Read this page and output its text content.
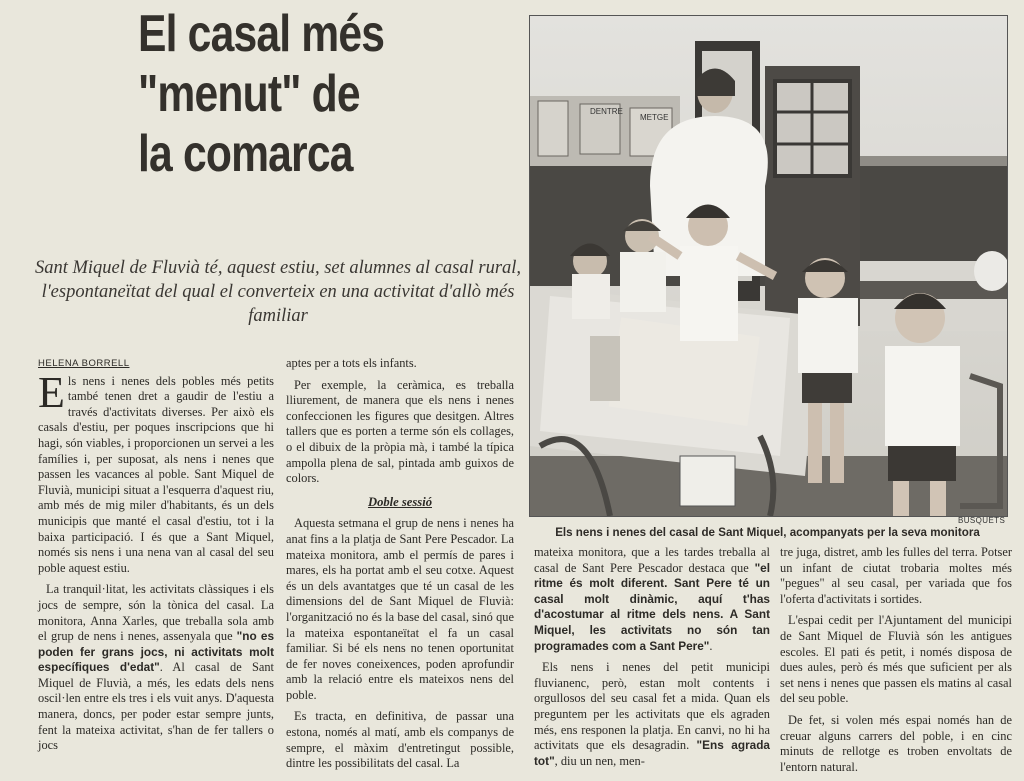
El casal més
"menut" de
la comarca
Sant Miquel de Fluvià té, aquest estiu, set alumnes al casal rural, l'espontaneïtat del qual el converteix en una activitat d'allò més familiar
HELENA BORRELL

Els nens i nenes dels pobles més petits també tenen dret a gaudir de l'estiu a través d'activitats diverses. Per això els casals d'estiu, per poques inscripcions que hi hagi, són viables, i proporcionen un servei a les famílies i, per suposat, als nens i nenes que passen les vacances al poble. Sant Miquel de Fluvià, municipi situat a l'esquerra d'aquest riu, amb més de mig miler d'habitants, és un dels municipis que manté el casal d'estiu, tot i la baixa participació. I és que a Sant Miquel, només sis nens i una nena van al casal del seu poble aquest estiu.

La tranquil·litat, les activitats clàssiques i els jocs de sempre, són la tònica del casal. La monitora, Anna Xarles, que treballa sola amb el grup de nens i nenes, assenyala que "no es poden fer grans jocs, ni activitats molt específiques d'edat". Al casal de Sant Miquel de Fluvià, a més, les edats dels nens oscil·len entre els tres i els vuit anys. D'aquesta manera, doncs, per poder estar sempre junts, fent la mateixa activitat, s'han de fer tallers o jocs

aptes per a tots els infants.

Per exemple, la ceràmica, es treballa lliurement, de manera que els nens i nenes confeccionen les figures que desitgen. Altres tallers que es porten a terme són els collages, o el dibuix de la pròpia mà, i també la típica ampolla plena de sal, pintada amb guixos de colors.

Doble sessió

Aquesta setmana el grup de nens i nenes ha anat fins a la platja de Sant Pere Pescador. La mateixa monitora, amb el permís de pares i mares, els ha portat amb el seu cotxe. Aquest és un dels avantatges que té un casal de les dimensions del de Sant Miquel de Fluvià: l'organització no és la base del casal, sinó que la mateixa espontaneïtat el fa un casal familiar. Si bé els nens no tenen oportunitat de fer noves coneixences, poden aprofundir amb la relació entre els mateixos nens del poble.

Es tracta, en definitiva, de passar una estona, només al matí, amb els companys de sempre, el màxim d'entretingut possible, dintre les possibilitats del casal. La

DENTRE
METGE
BUSQUETS
Els nens i nenes del casal de Sant Miquel, acompanyats per la seva monitora

mateixa monitora, que a les tardes treballa al casal de Sant Pere Pescador destaca que "el ritme és molt diferent. Sant Pere té un casal molt dinàmic, aquí t'has d'acostumar al ritme dels nens. A Sant Miquel, les activitats no són tan programades com a Sant Pere".

Els nens i nenes del petit municipi fluvianenc, però, estan molt contents i orgullosos del seu casal fet a mida. Quan els preguntem per les activitats que els agraden més, ens responen la platja. En canvi, no hi ha activitats que els desagradin. "Ens agrada tot", diu un nen, men-

tre juga, distret, amb les fulles del terra. Potser un infant de ciutat trobaria moltes més "pegues" al seu casal, per variada que fos l'oferta d'activitats i sortides.

L'espai cedit per l'Ajuntament del municipi de Sant Miquel de Fluvià són les antigues escoles. El pati és petit, i només disposa de dues aules, però és més que suficient per als set nens i nenes que passen els matins al casal del seu poble.

De fet, si volen més espai només han de creuar alguns carrers del poble, i en cinc minuts de rellotge es troben envoltats de l'entorn natural.
